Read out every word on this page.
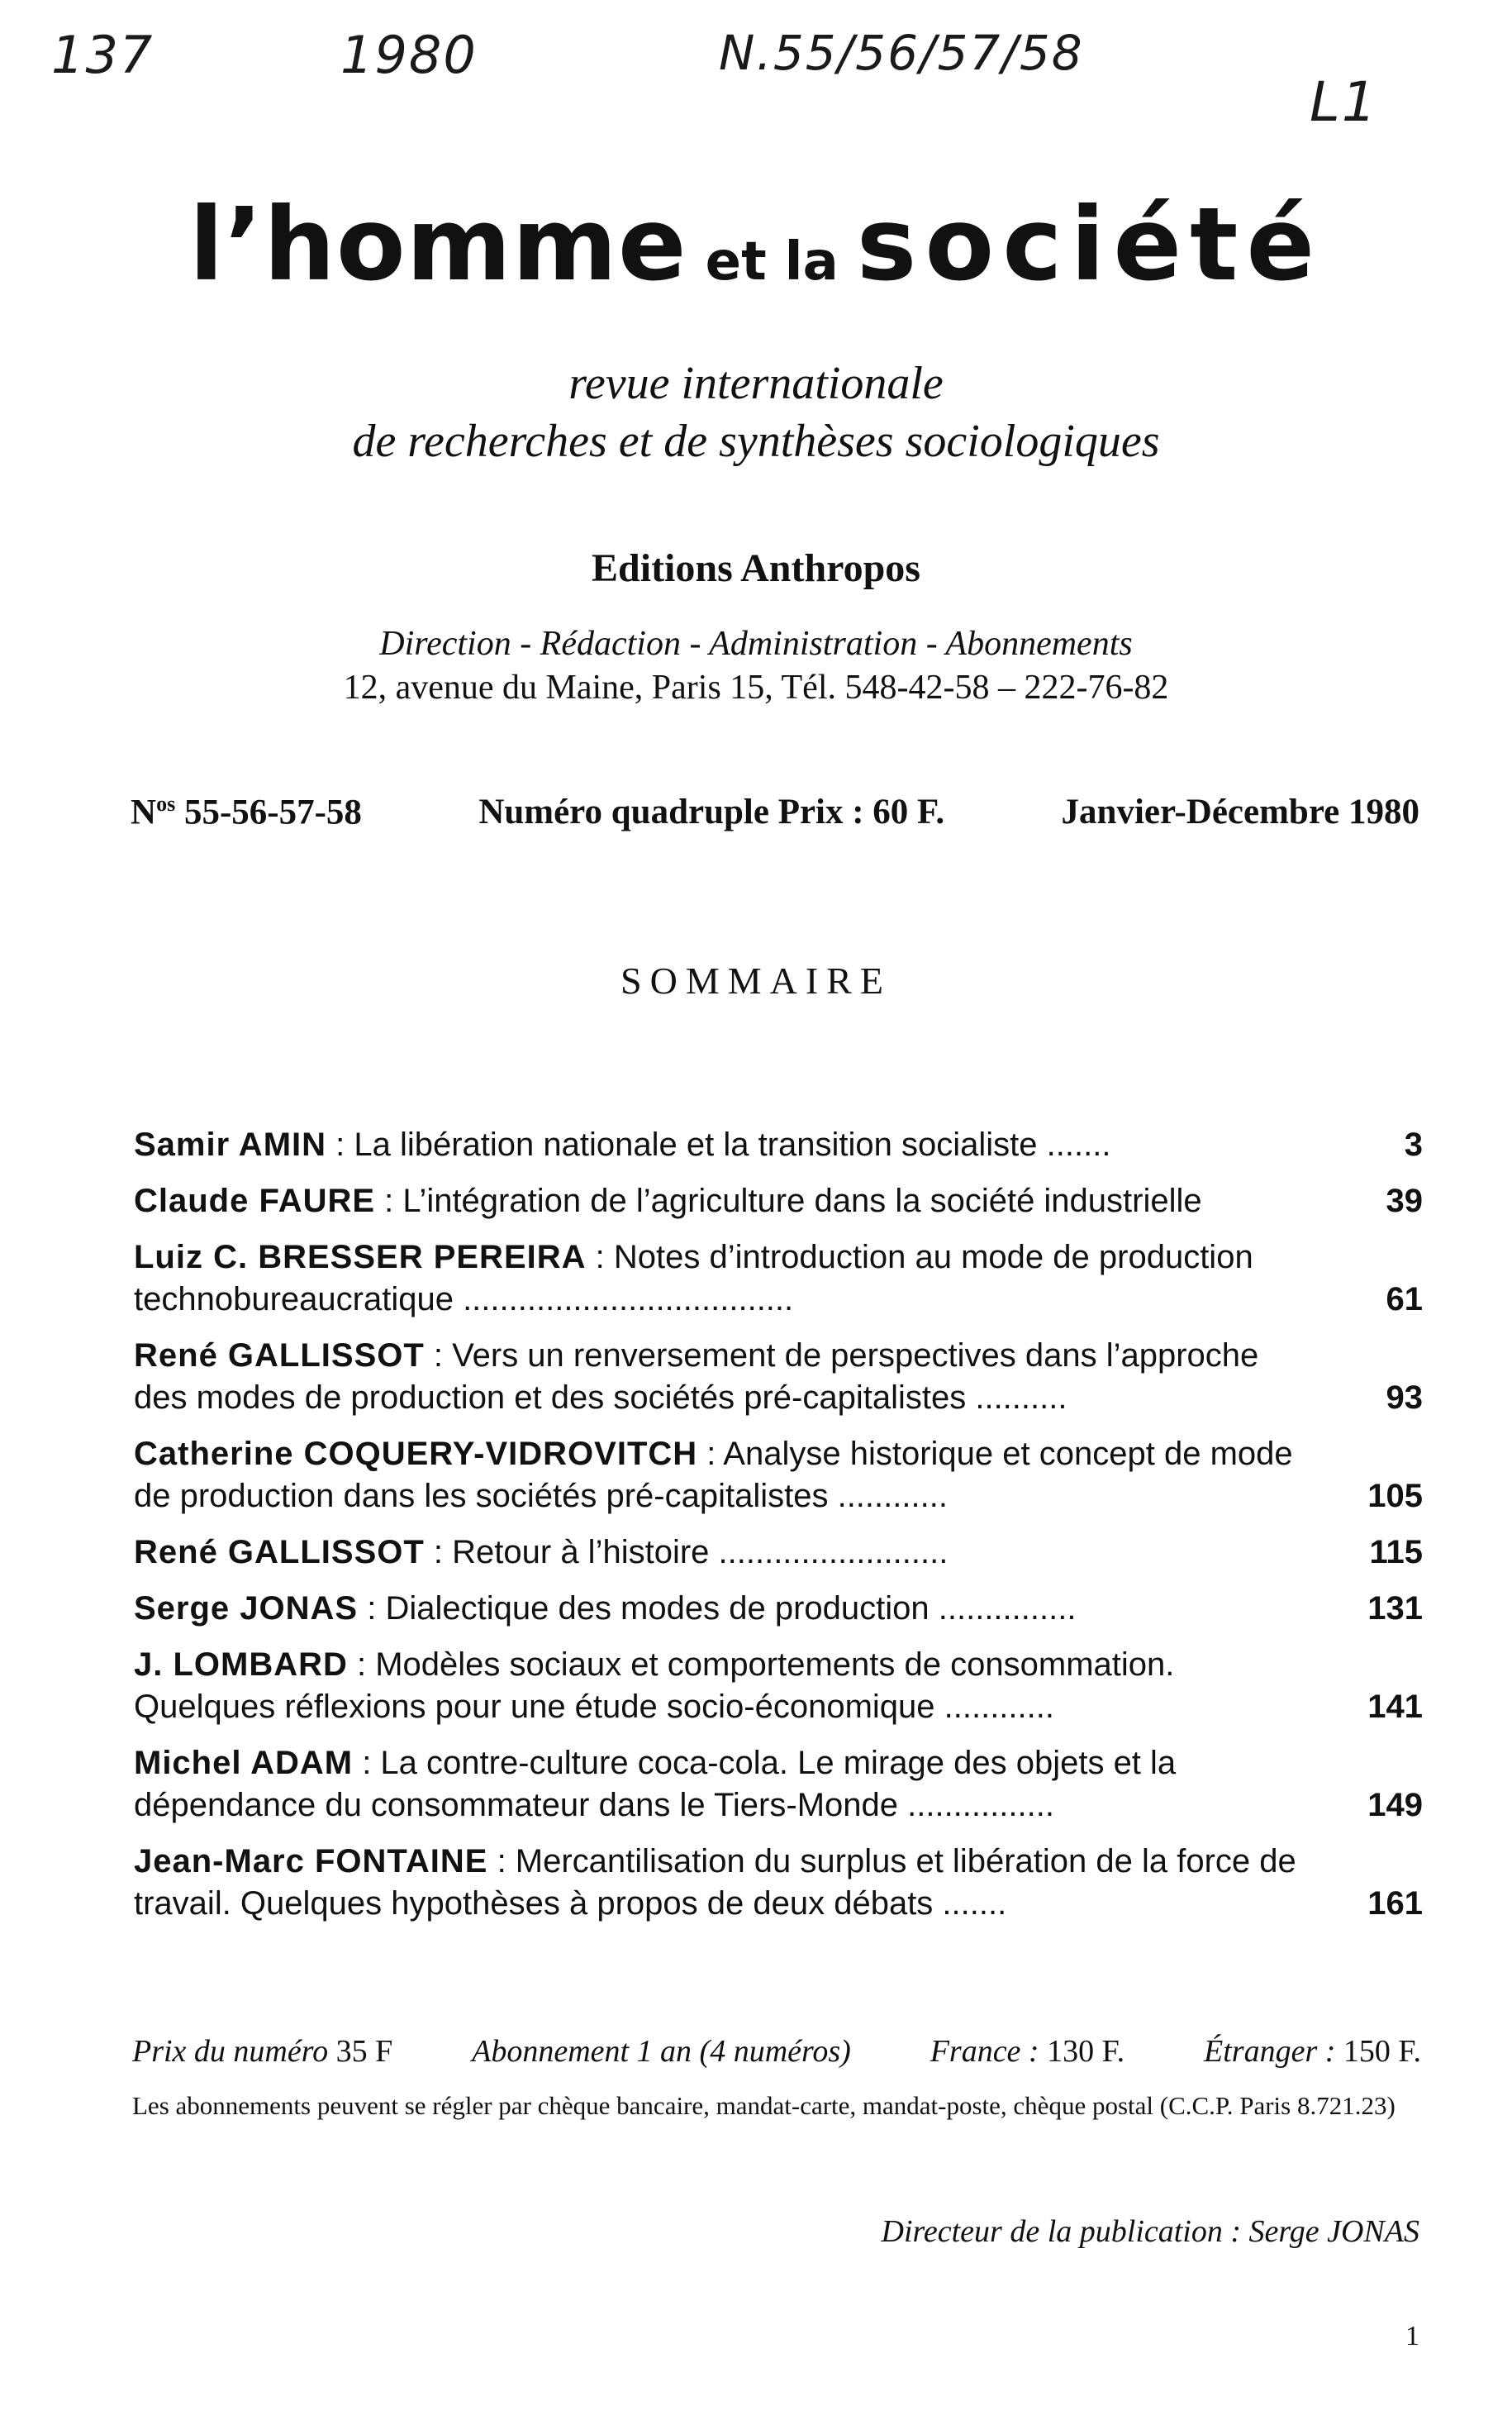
137	1980	N.55/56/57/58
L1
l’homme et la société
revue internationale
de recherches et de synthèses sociologiques
Editions Anthropos
Direction - Rédaction - Administration - Abonnements
12, avenue du Maine, Paris 15, Tél. 548-42-58 – 222-76-82
$N^{os}$ 55-56-57-58	Numéro quadruple Prix : 60 F.	Janvier-Décembre 1980
SOMMAIRE
Samir AMIN : La libération nationale et la transition socialiste .......	3
Claude FAURE : L’intégration de l’agriculture dans la société industrielle	39
Luiz C. BRESSER PEREIRA : Notes d’introduction au mode de production technobureaucratique ....................................	61
René GALLISSOT : Vers un renversement de perspectives dans l’approche des modes de production et des sociétés pré-capitalistes ..........	93
Catherine COQUERY-VIDROVITCH : Analyse historique et concept de mode de production dans les sociétés pré-capitalistes ............	105
René GALLISSOT : Retour à l’histoire .........................	115
Serge JONAS : Dialectique des modes de production ...............	131
J. LOMBARD : Modèles sociaux et comportements de consommation. Quelques réflexions pour une étude socio-économique ............	141
Michel ADAM : La contre-culture coca-cola. Le mirage des objets et la dépendance du consommateur dans le Tiers-Monde ................	149
Jean-Marc FONTAINE : Mercantilisation du surplus et libération de la force de travail. Quelques hypothèses à propos de deux débats .......	161
Prix du numéro 35 F	Abonnement 1 an (4 numéros)	France : 130 F.	Étranger : 150 F.
Les abonnements peuvent se régler par chèque bancaire, mandat-carte, mandat-poste, chèque postal (C.C.P. Paris 8.721.23)
Directeur de la publication : Serge JONAS
1
